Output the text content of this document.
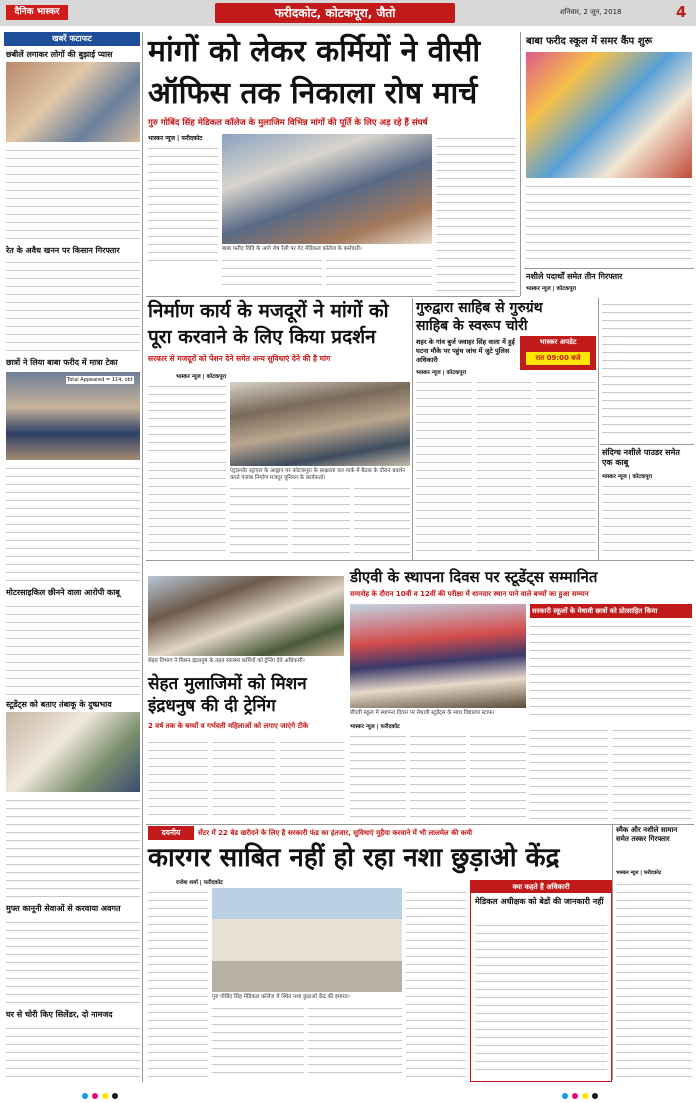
दैनिक भास्कर	फरीदकोट, कोटकपूरा, जैतो	शनिवार, 2 जून, 2018	4
खबरें फटाफट
छबीलें लगाकर लोगों की बुझाई प्यास
रेत के अवैध खनन पर किसान गिरफ्तार
छात्रों ने लिया बाबा फरीद में मात्रा टेका
Total Appeared = 114, obt
मोटरसाइकिल छीनने वाला आरोपी काबू
स्टूडेंट्स को बताए तंबाकू के दुष्प्रभाव
मुफ्त कानूनी सेवाओं से करवाया अवगत
घर से चोरी किए सिलेंडर, दो नामजद
मांगों को लेकर कर्मियों ने वीसी
ऑफिस तक निकाला रोष मार्च
गुरु गोबिंद सिंह मेडिकल कॉलेज के मुलाजिम विभिन्न मांगों की पूर्ति के लिए अड़ रहे हैं संघर्ष
भास्कर न्यूज | फरीदकोट
बाबा फरीद विवि के आगे रोष रैली पर गेट मेडिकल कॉलेज के कर्मचारी।
बाबा फरीद स्कूल में समर कैंप शुरू
नशीले पदार्थों समेत तीन गिरफ्तार
भास्कर न्यूज | कोटकपूरा
निर्माण कार्य के मजदूरों ने मांगों को
पूरा करवाने के लिए किया प्रदर्शन
सरकार से मजदूरों को पेंशन देने समेत अन्य सुविधाएं देने की है मांग
भास्कर न्यूज | कोटकपूरा
एंट्रप्रन्योर स्ट्राएल के आह्वान पर कोटकपूरा के साक्षरता वार पार्क में बैठक के दौरान प्रदर्शन करते पंजाब निर्माण मजदूर यूनियन के कार्यकर्ता।
गुरुद्वारा साहिब से गुरुग्रंथ
साहिब के स्वरूप चोरी
शहर के गांव बुर्ज जवाहर सिंह वाला में हुई घटना मौके पर पहुंच जांच में जुटे पुलिस अधिकारी
भास्कर अपडेट
रात 09:00 बजे
भास्कर न्यूज | कोटकपूरा
संदिग्ध नशीले पाउडर समेत एक काबू
भास्कर न्यूज | कोटकपूरा
सेहत विभाग ने मिशन इंद्रधनुष के तहत स्वास्थ्य कर्मियों को ट्रेनिंग देते अधिकारी।
डीएवी के स्थापना दिवस पर स्टूडेंट्स सम्मानित
समारोह के दौरान 10वीं व 12वीं की परीक्षा में शानदार स्थान पाने वाले बच्चों का हुआ सम्मान
डीएवी स्कूल में स्थापना दिवस पर मेधावी स्टूडेंट्स के साथ विद्यालय स्टाफ।
सरकारी स्कूलों के मेधावी छात्रों को प्रोत्साहित किया
सेहत मुलाजिमों को मिशन
इंद्रधनुष की दी ट्रेनिंग
2 वर्ष तक के बच्चों व गर्भवती महिलाओं को लगाए जाएंगे टीके	भास्कर न्यूज | फरीदकोट
दयनीय	सेंटर में 22 बेड खरीदने के लिए है सरकारी फंड का इंतजार, सुविधाएं मुहैया करवाने में भी लालमेल की कमी
कारगर साबित नहीं हो रहा नशा छुड़ाओ केंद्र
राजेश शर्मा | फरीदकोट
गुरु गोबिंद सिंह मेडिकल कॉलेज में स्थित नशा छुड़ाओ केंद्र की इमारत।
क्या कहते हैं अधिकारी
मेडिकल अधीक्षक को बेडों की जानकारी नहीं
स्मैक और नशीले सामान समेत तस्कर गिरफ्तार
भास्कर न्यूज | फरीदकोट
